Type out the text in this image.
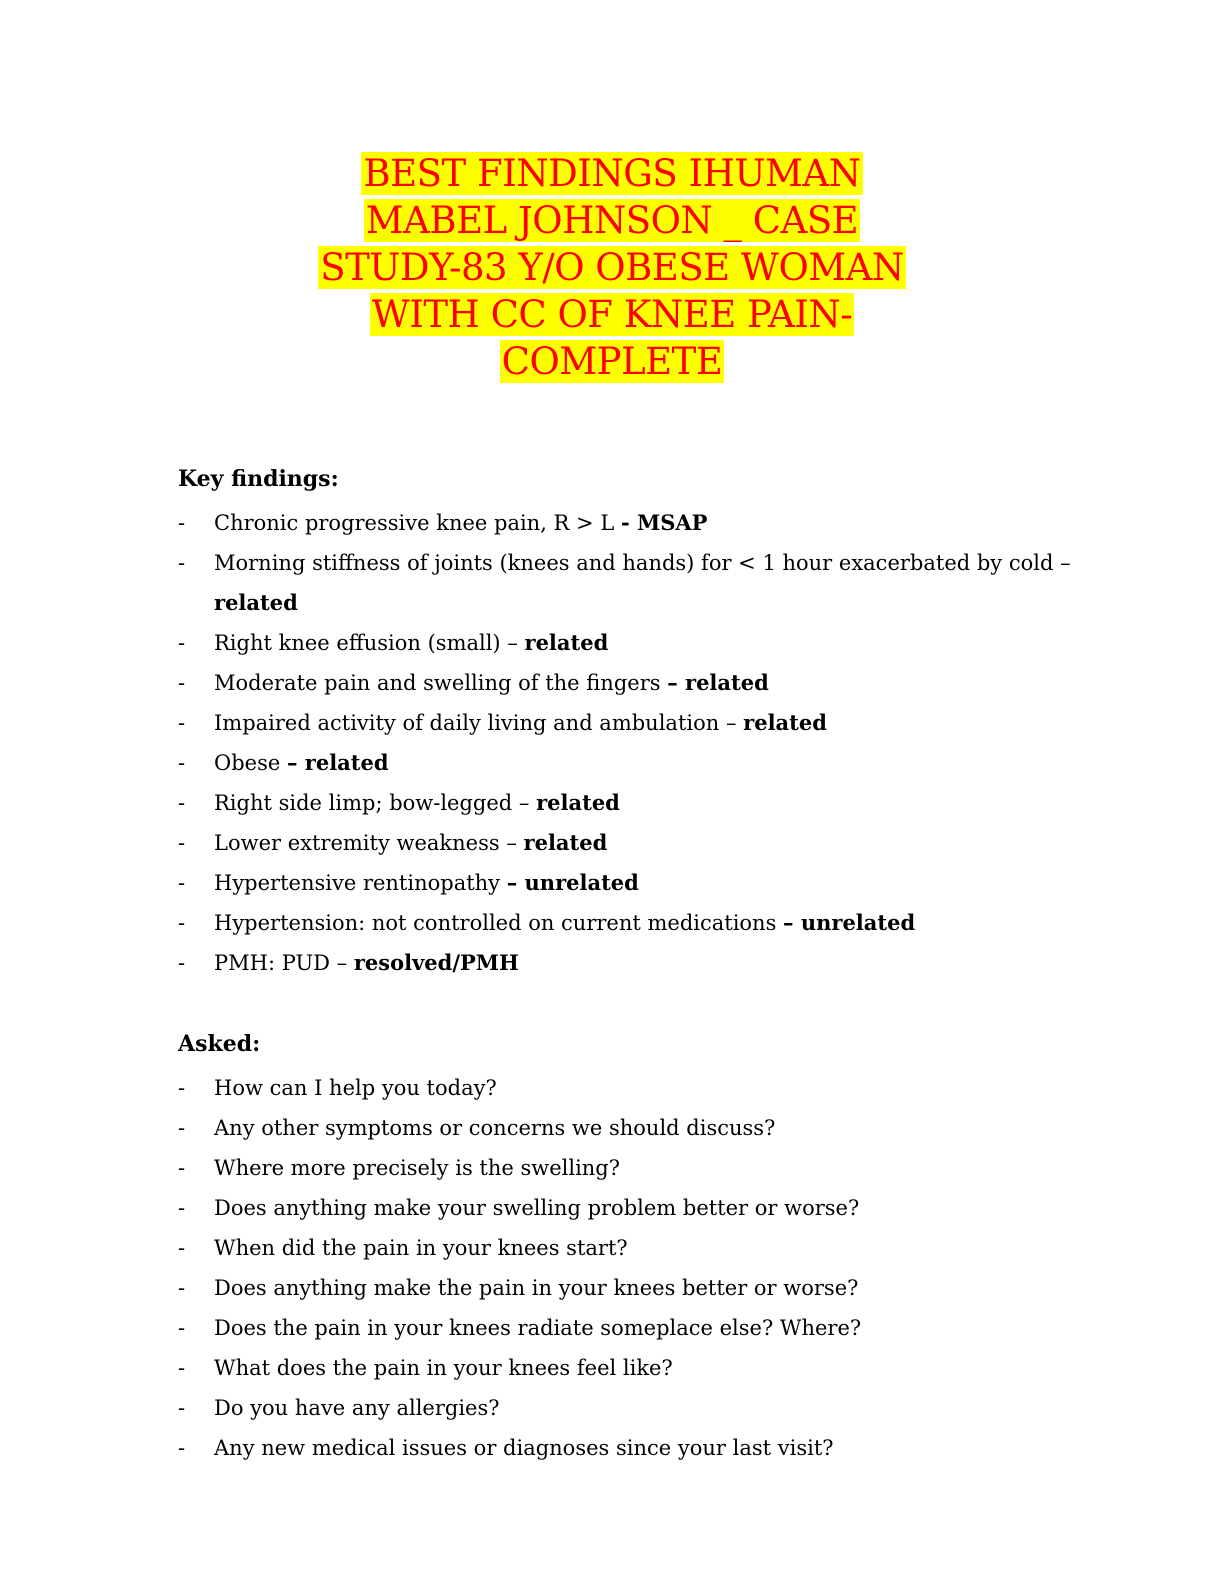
BEST FINDINGS IHUMAN
MABEL JOHNSON _ CASE
STUDY-83 Y/O OBESE WOMAN
WITH CC OF KNEE PAIN-
COMPLETE
Key findings:
- Chronic progressive knee pain, R > L - MSAP
- Morning stiffness of joints (knees and hands) for < 1 hour exacerbated by cold – related
- Right knee effusion (small) – related
- Moderate pain and swelling of the fingers – related
- Impaired activity of daily living and ambulation – related
- Obese – related
- Right side limp; bow-legged – related
- Lower extremity weakness – related
- Hypertensive rentinopathy – unrelated
- Hypertension: not controlled on current medications – unrelated
- PMH: PUD – resolved/PMH
Asked:
- How can I help you today?
- Any other symptoms or concerns we should discuss?
- Where more precisely is the swelling?
- Does anything make your swelling problem better or worse?
- When did the pain in your knees start?
- Does anything make the pain in your knees better or worse?
- Does the pain in your knees radiate someplace else? Where?
- What does the pain in your knees feel like?
- Do you have any allergies?
- Any new medical issues or diagnoses since your last visit?
